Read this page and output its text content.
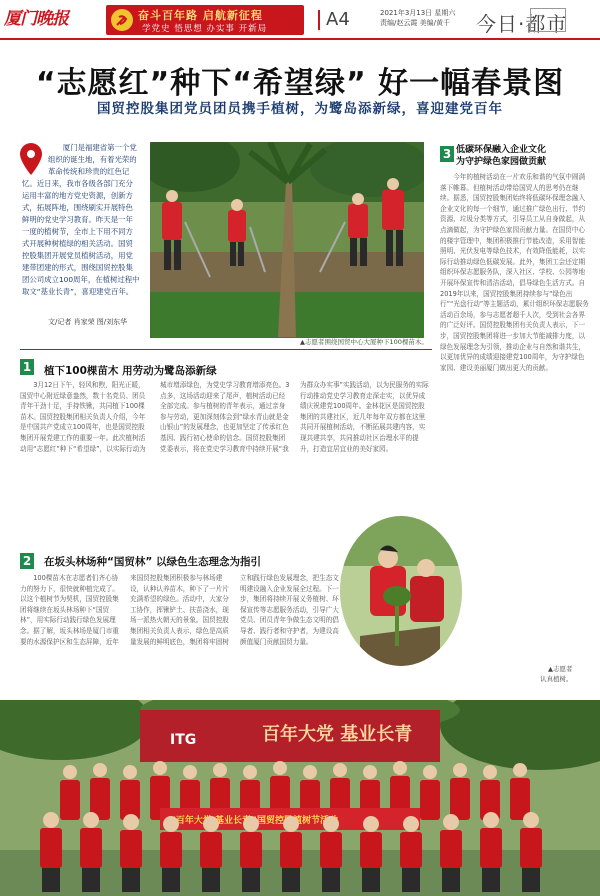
厦门晚报	奋斗百年路 启航新征程
学党史 悟思想 办实事 开新局	A4	2021年3月13日 星期六
责编/赵云霞 美编/黄千 今日·都市
“志愿红”种下“希望绿” 好一幅春景图
国贸控股集团党员团员携手植树，为鹭岛添新绿，喜迎建党百年
厦门是福建省第一个党组织的诞生地，有着光荣的革命传统和珍贵的红色记忆。近日来，我市各级各部门充分运用丰富的地方党史资源，创新方式，拓展阵地，围绕刷实开展特色鲜明的党史学习教育。昨天是一年一度的植树节，全市上下用不同方式开展种树植绿的相关活动。国贸控股集团开展党员植树活动，用党建带团建的形式，围绕国贸控股集团公司成立100周年，在植树过程中取文“基业长青”，喜迎建党百年。
文/记者 肖家荣 图/刘东华
▲志愿者围绕国贸中心大厦种下100棵苗木。
3 低碳环保融入企业文化
为守护绿色家园做贡献
今年的植树活动在一片欢乐和谐的气氛中圆满落下帷幕。但植树活动带给国贸人的思考仍在继续。据悉，国贸控股集团始终将低碳环保理念融入企业文化的每一个细节，通过推广绿色出行、节约资源、垃圾分类等方式，引导员工从自身做起，从点滴做起，为守护绿色家园贡献力量。在国贸中心的楼宇管理中，集团积极推行节能改造，采用智能照明、光伏发电等绿色技术，有效降低能耗，以实际行动推动绿色低碳发展。此外，集团工会还定期组织环保志愿服务队，深入社区、学校、公园等地开展环保宣传和清洁活动，倡导绿色生活方式。自2019年以来，国贸控股集团持续参与“绿色出行”“光盘行动”等主题活动，累计组织环保志愿服务活动百余场，参与志愿者超千人次，受到社会各界的广泛好评。国贸控股集团有关负责人表示，下一步，国贸控股集团将进一步加大节能减排力度，以绿色发展理念为引领，推动企业与自然和谐共生，以更加优异的成绩迎接建党100周年，为守护绿色家园、建设美丽厦门做出更大的贡献。
1 植下100棵苗木 用劳动为鹭岛添新绿
3月12日下午，轻风和煦，阳光正暖，国贸中心附近绿意盎然，数十名党员、团员青年干劲十足，手持铁锹，共同植下100棵苗木。国贸控股集团相关负责人介绍，今年是中国共产党成立100周年，也是国贸控股集团开展党建工作的重要一年。此次植树活动用“志愿红”种下“希望绿”，以实际行动为城市增添绿色，为党史学习教育增添亮色。3点多，这场活动迎来了尾声，植树活动已经全部完成。参与植树的青年表示，通过亲身参与劳动，更加深刻体会到“绿水青山就是金山银山”的发展理念，也更加坚定了传承红色基因、践行初心使命的信念。国贸控股集团党委表示，将在党史学习教育中持续开展“我为群众办实事”实践活动，以为民服务的实际行动推动党史学习教育走深走实，以优异成绩庆祝建党100周年。金林花区是国贸控股集团的共建社区，近几年每年双方都在这里共同开展植树活动，不断拓展共建内容，实现共建共享，共同推动社区治理水平的提升，打造宜居宜业的美好家园。
2 在坂头林场种“国贸林” 以绿色生态理念为指引
100棵苗木在志愿者们齐心协力的努力下，很快就种植完成了。以这个植树节为契机，国贸控股集团将继续在坂头林场种下“国贸林”，用实际行动践行绿色发展理念。据了解，坂头林场是厦门市重要的水源保护区和生态屏障，近年来国贸控股集团积极参与林场建设，认种认养苗木，种下了一片片充满希望的绿色。活动中，大家分工协作，挥锹铲土、扶苗浇水，现场一派热火朝天的景象。国贸控股集团相关负责人表示，绿色是高质量发展的鲜明底色，集团将牢固树立和践行绿色发展理念，把生态文明建设融入企业发展全过程。下一步，集团将持续开展义务植树、环保宣传等志愿服务活动，引导广大党员、团员青年争做生态文明的倡导者、践行者和守护者，为建设高颜值厦门贡献国贸力量。
▲志愿者
认真植树。
ITG	百年大党 基业长青
“百年大党 基业长青”国贸控股植树节活动
